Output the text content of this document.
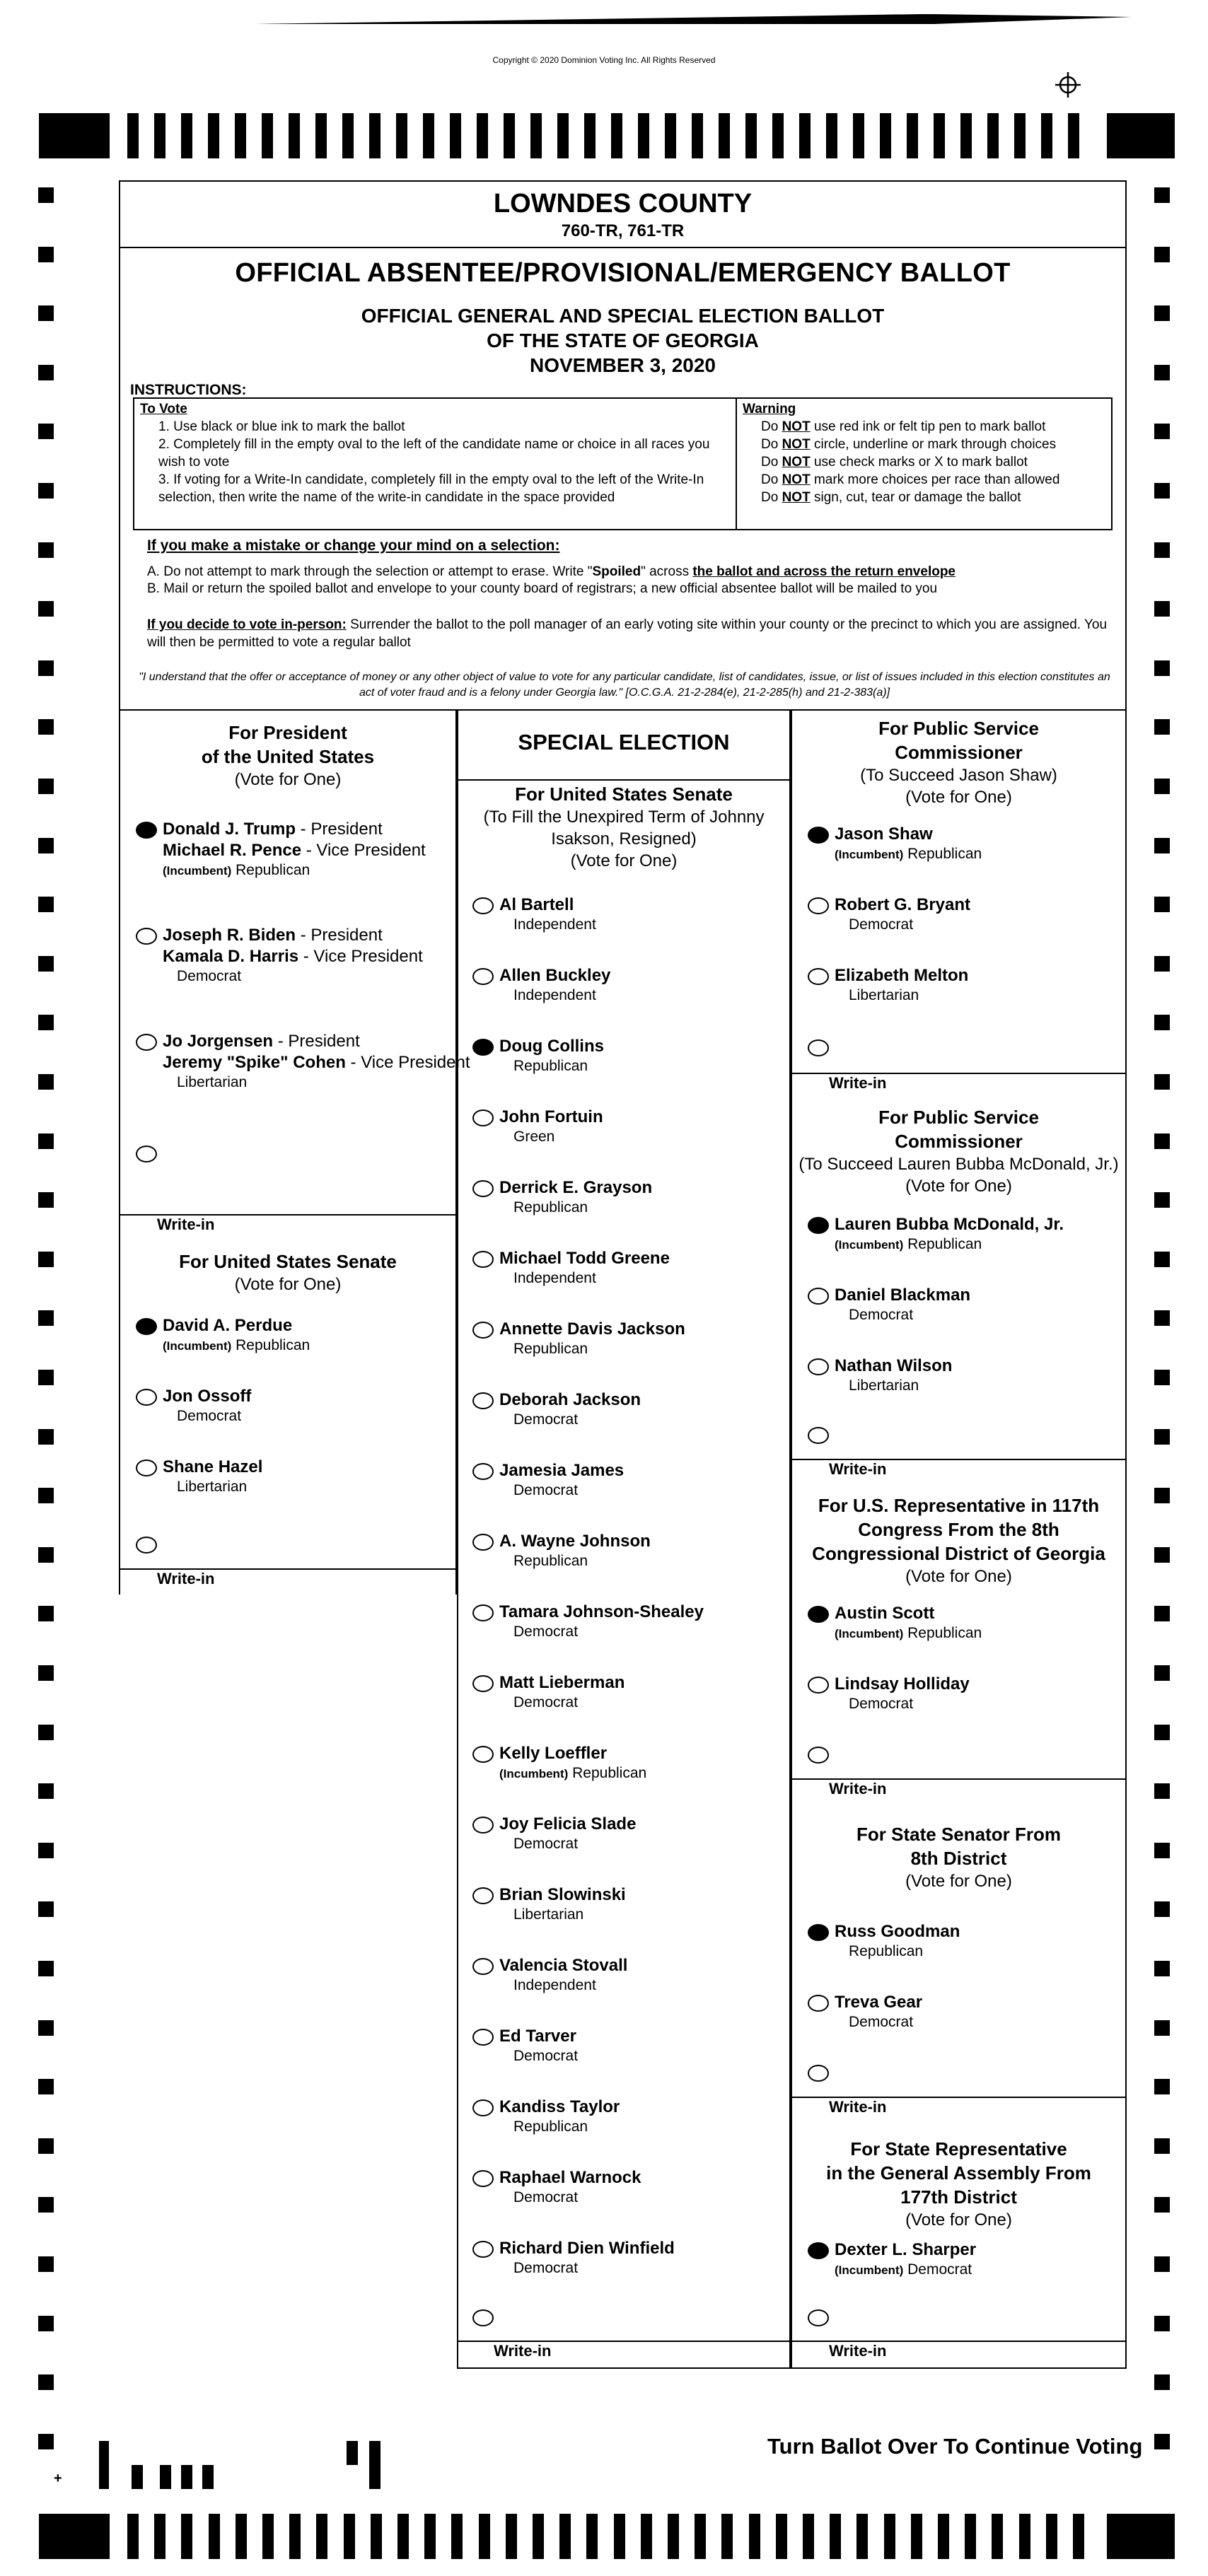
Copyright © 2020 Dominion Voting Inc. All Rights Reserved
LOWNDES COUNTY
760-TR, 761-TR
OFFICIAL ABSENTEE/PROVISIONAL/EMERGENCY BALLOT
OFFICIAL GENERAL AND SPECIAL ELECTION BALLOT
OF THE STATE OF GEORGIA
NOVEMBER 3, 2020
INSTRUCTIONS:
To Vote
1. Use black or blue ink to mark the ballot
2. Completely fill in the empty oval to the left of the candidate name or choice in all races you wish to vote
3. If voting for a Write-In candidate, completely fill in the empty oval to the left of the Write-In selection, then write the name of the write-in candidate in the space provided
Warning
Do NOT use red ink or felt tip pen to mark ballot
Do NOT circle, underline or mark through choices
Do NOT use check marks or X to mark ballot
Do NOT mark more choices per race than allowed
Do NOT sign, cut, tear or damage the ballot
If you make a mistake or change your mind on a selection:
A. Do not attempt to mark through the selection or attempt to erase. Write "Spoiled" across the ballot and across the return envelope
B. Mail or return the spoiled ballot and envelope to your county board of registrars; a new official absentee ballot will be mailed to you
If you decide to vote in-person: Surrender the ballot to the poll manager of an early voting site within your county or the precinct to which you are assigned. You will then be permitted to vote a regular ballot
"I understand that the offer or acceptance of money or any other object of value to vote for any particular candidate, list of candidates, issue, or list of issues included in this election constitutes an act of voter fraud and is a felony under Georgia law." [O.C.G.A. 21-2-284(e), 21-2-285(h) and 21-2-383(a)]
For President
of the United States
(Vote for One)
Donald J. Trump - President
Michael R. Pence - Vice President
(Incumbent) Republican
Joseph R. Biden - President
Kamala D. Harris - Vice President
Democrat
Jo Jorgensen - President
Jeremy "Spike" Cohen - Vice President
Libertarian
Write-in
For United States Senate
(Vote for One)
David A. Perdue
(Incumbent) Republican
Jon Ossoff
Democrat
Shane Hazel
Libertarian
Write-in
SPECIAL ELECTION
For United States Senate
(To Fill the Unexpired Term of Johnny
Isakson, Resigned)
(Vote for One)
Al Bartell
Independent
Allen Buckley
Independent
Doug Collins
Republican
John Fortuin
Green
Derrick E. Grayson
Republican
Michael Todd Greene
Independent
Annette Davis Jackson
Republican
Deborah Jackson
Democrat
Jamesia James
Democrat
A. Wayne Johnson
Republican
Tamara Johnson-Shealey
Democrat
Matt Lieberman
Democrat
Kelly Loeffler
(Incumbent) Republican
Joy Felicia Slade
Democrat
Brian Slowinski
Libertarian
Valencia Stovall
Independent
Ed Tarver
Democrat
Kandiss Taylor
Republican
Raphael Warnock
Democrat
Richard Dien Winfield
Democrat
Write-in
For Public Service
Commissioner
(To Succeed Jason Shaw)
(Vote for One)
Jason Shaw
(Incumbent) Republican
Robert G. Bryant
Democrat
Elizabeth Melton
Libertarian
Write-in
For Public Service
Commissioner
(To Succeed Lauren Bubba McDonald, Jr.)
(Vote for One)
Lauren Bubba McDonald, Jr.
(Incumbent) Republican
Daniel Blackman
Democrat
Nathan Wilson
Libertarian
Write-in
For U.S. Representative in 117th
Congress From the 8th
Congressional District of Georgia
(Vote for One)
Austin Scott
(Incumbent) Republican
Lindsay Holliday
Democrat
Write-in
For State Senator From
8th District
(Vote for One)
Russ Goodman
Republican
Treva Gear
Democrat
Write-in
For State Representative
in the General Assembly From
177th District
(Vote for One)
Dexter L. Sharper
(Incumbent) Democrat
Write-in
Turn Ballot Over To Continue Voting
+
